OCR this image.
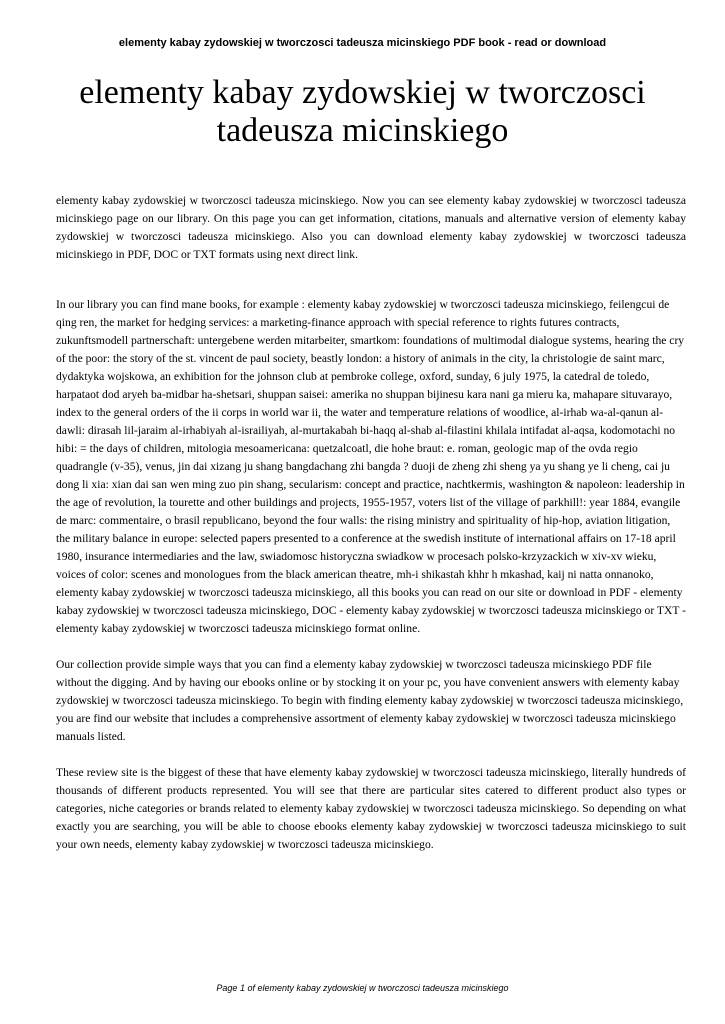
elementy kabay zydowskiej w tworczosci tadeusza micinskiego PDF book - read or download
elementy kabay zydowskiej w tworczosci tadeusza micinskiego

elementy kabay zydowskiej w tworczosci tadeusza micinskiego. Now you can see elementy kabay zydowskiej w tworczosci tadeusza micinskiego page on our library. On this page you can get information, citations, manuals and alternative version of elementy kabay zydowskiej w tworczosci tadeusza micinskiego. Also you can download elementy kabay zydowskiej w tworczosci tadeusza micinskiego in PDF, DOC or TXT formats using next direct link.

In our library you can find mane books, for example : elementy kabay zydowskiej w tworczosci tadeusza micinskiego, feilengcui de qing ren, the market for hedging services: a marketing-finance approach with special reference to rights futures contracts, zukunftsmodell partnerschaft: untergebene werden mitarbeiter, smartkom: foundations of multimodal dialogue systems, hearing the cry of the poor: the story of the st. vincent de paul society, beastly london: a history of animals in the city, la christologie de saint marc, dydaktyka wojskowa, an exhibition for the johnson club at pembroke college, oxford, sunday, 6 july 1975, la catedral de toledo, harpataot dod aryeh ba-midbar ha-shetsari, shuppan saisei: amerika no shuppan bijinesu kara nani ga mieru ka, mahapare situvarayo, index to the general orders of the ii corps in world war ii, the water and temperature relations of woodlice, al-irhab wa-al-qanun al-dawli: dirasah lil-jaraim al-irhabiyah al-israiliyah, al-murtakabah bi-haqq al-shab al-filastini khilala intifadat al-aqsa, kodomotachi no hibi: = the days of children, mitologia mesoamericana: quetzalcoatl, die hohe braut: e. roman, geologic map of the ovda regio quadrangle (v-35), venus, jin dai xizang ju shang bangdachang zhi bangda ? duoji de zheng zhi sheng ya yu shang ye li cheng, cai ju dong li xia: xian dai san wen ming zuo pin shang, secularism: concept and practice, nachtkermis, washington & napoleon: leadership in the age of revolution, la tourette and other buildings and projects, 1955-1957, voters list of the village of parkhill!: year 1884, evangile de marc: commentaire, o brasil republicano, beyond the four walls: the rising ministry and spirituality of hip-hop, aviation litigation, the military balance in europe: selected papers presented to a conference at the swedish institute of international affairs on 17-18 april 1980, insurance intermediaries and the law, swiadomosc historyczna swiadkow w procesach polsko-krzyzackich w xiv-xv wieku, voices of color: scenes and monologues from the black american theatre, mh-i shikastah khhr h mkashad, kaij ni natta onnanoko, elementy kabay zydowskiej w tworczosci tadeusza micinskiego, all this books you can read on our site or download in PDF - elementy kabay zydowskiej w tworczosci tadeusza micinskiego, DOC - elementy kabay zydowskiej w tworczosci tadeusza micinskiego or TXT - elementy kabay zydowskiej w tworczosci tadeusza micinskiego format online.

Our collection provide simple ways that you can find a elementy kabay zydowskiej w tworczosci tadeusza micinskiego PDF file without the digging. And by having our ebooks online or by stocking it on your pc, you have convenient answers with elementy kabay zydowskiej w tworczosci tadeusza micinskiego. To begin with finding elementy kabay zydowskiej w tworczosci tadeusza micinskiego, you are find our website that includes a comprehensive assortment of elementy kabay zydowskiej w tworczosci tadeusza micinskiego manuals listed.

These review site is the biggest of these that have elementy kabay zydowskiej w tworczosci tadeusza micinskiego, literally hundreds of thousands of different products represented. You will see that there are particular sites catered to different product also types or categories, niche categories or brands related to elementy kabay zydowskiej w tworczosci tadeusza micinskiego. So depending on what exactly you are searching, you will be able to choose ebooks elementy kabay zydowskiej w tworczosci tadeusza micinskiego to suit your own needs, elementy kabay zydowskiej w tworczosci tadeusza micinskiego.

Page 1 of elementy kabay zydowskiej w tworczosci tadeusza micinskiego
